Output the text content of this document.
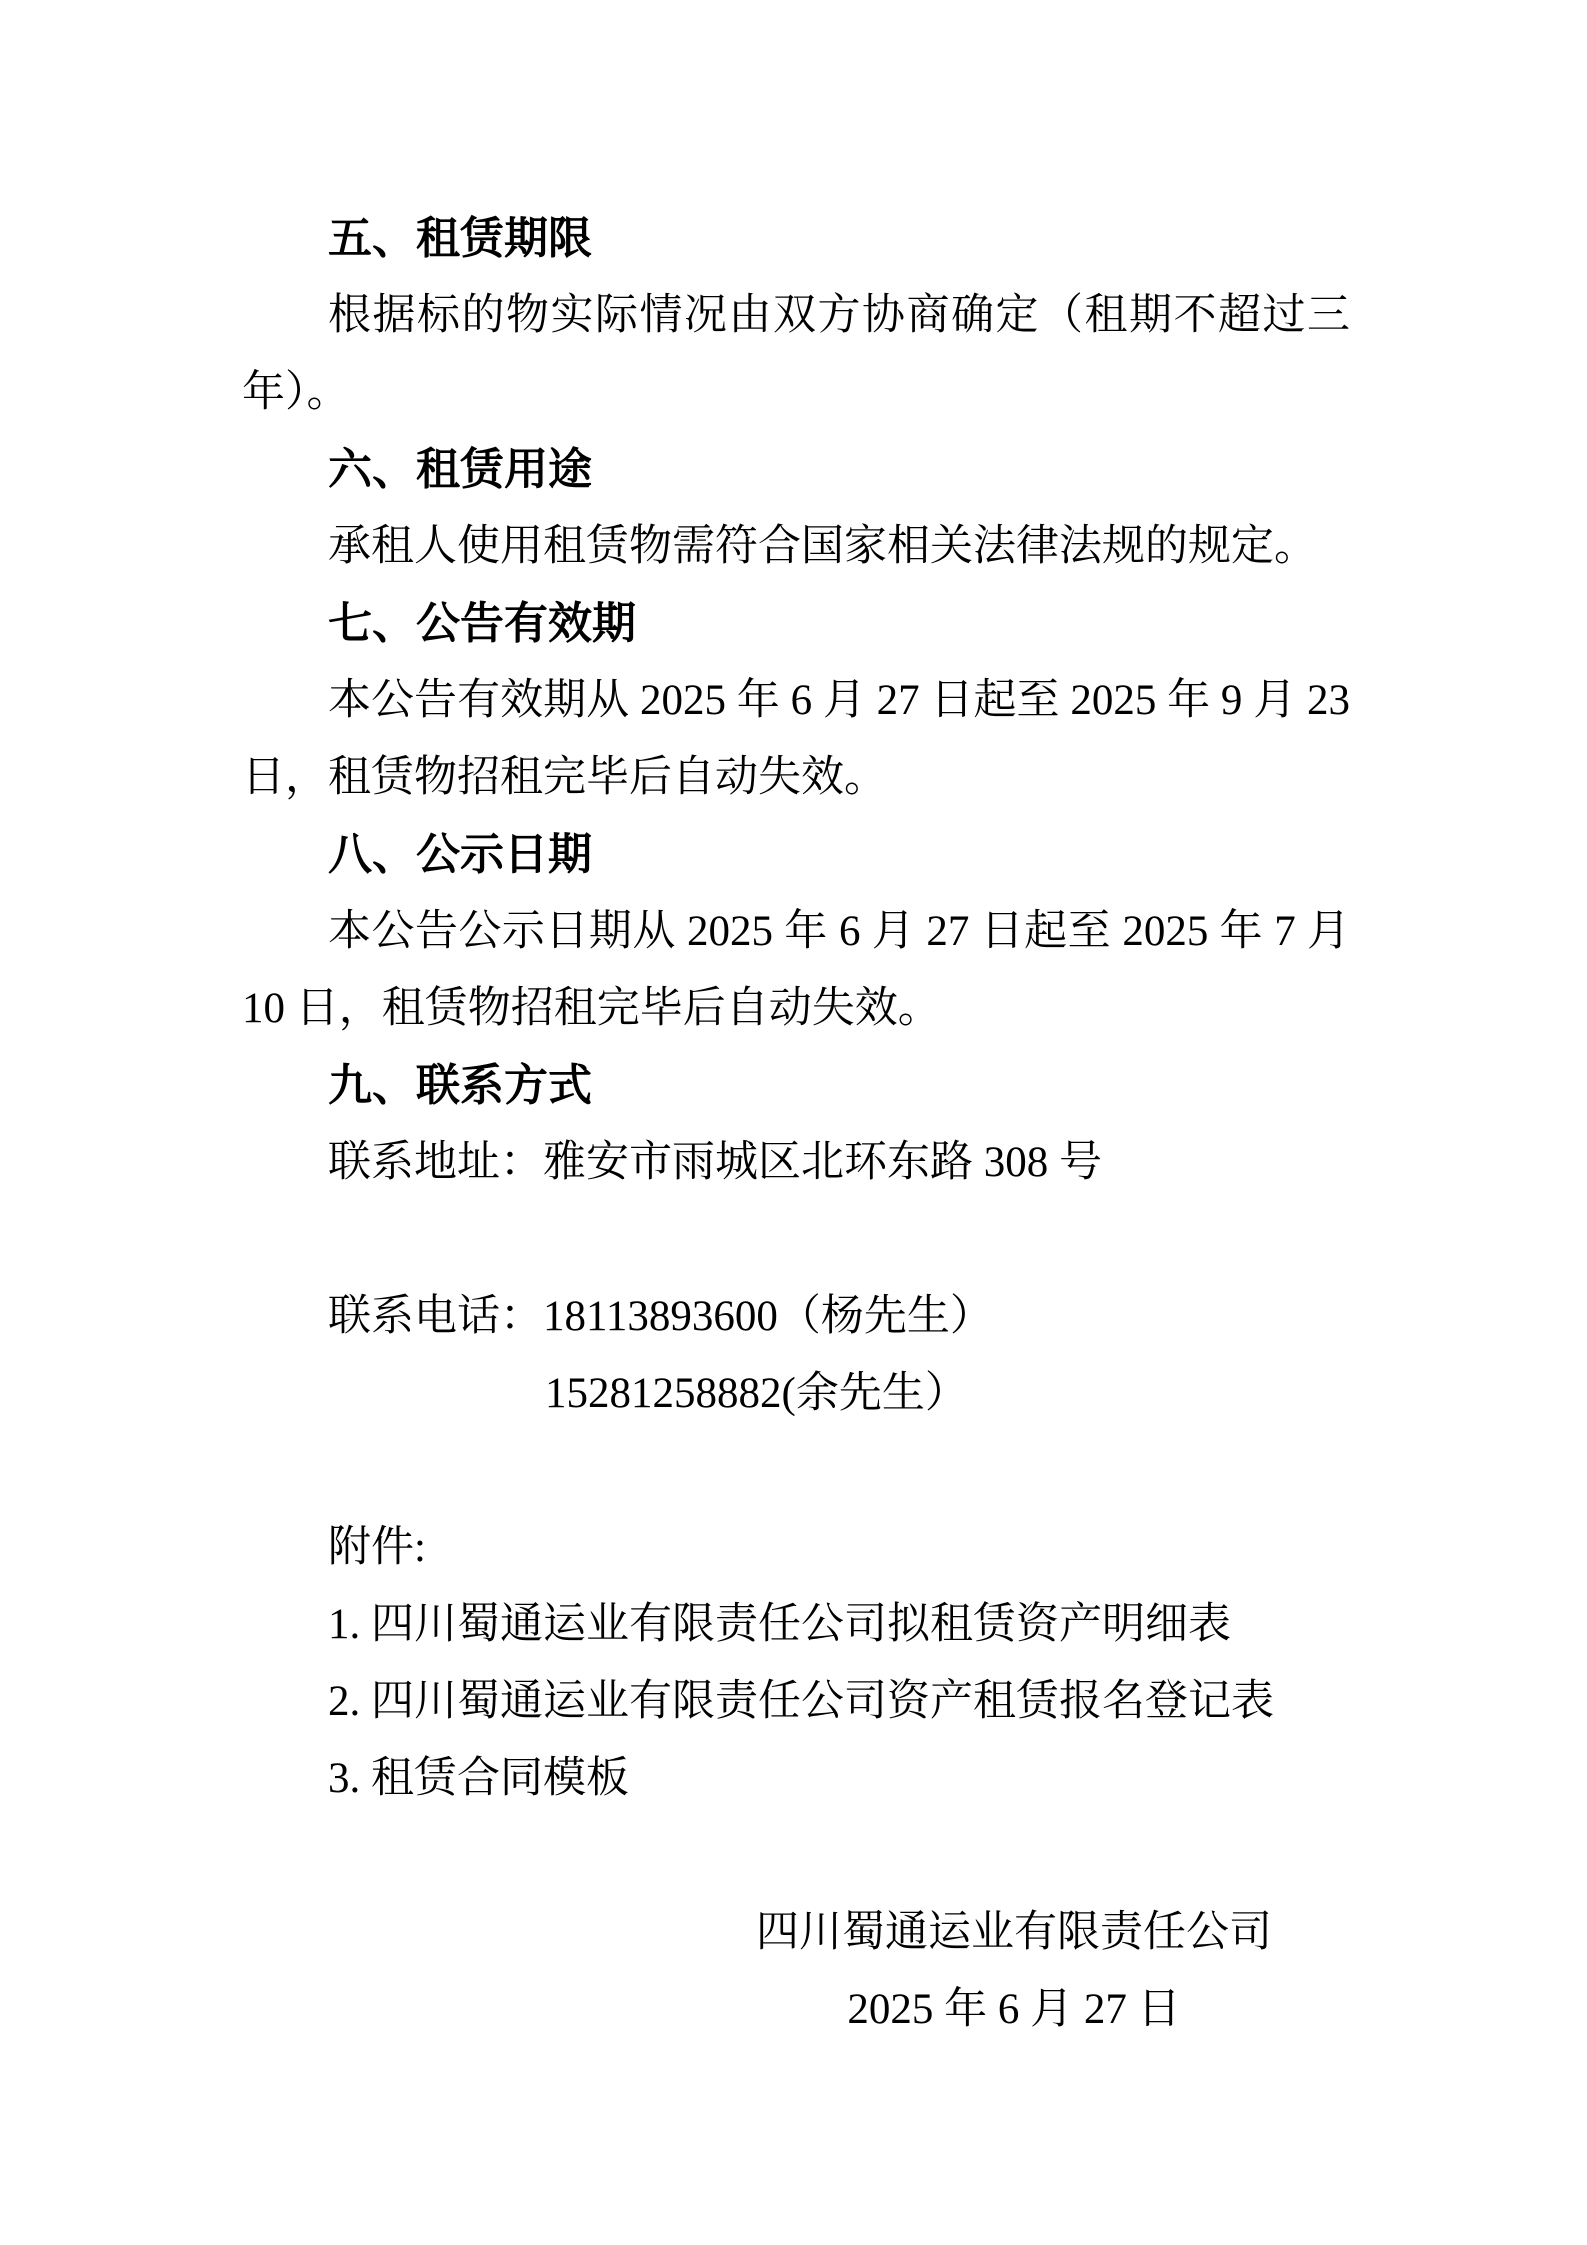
五、租赁期限
根据标的物实际情况由双方协商确定（租期不超过三
年）。
六、租赁用途
承租人使用租赁物需符合国家相关法律法规的规定。
七、公告有效期
本公告有效期从 2025 年 6 月 27 日起至 2025 年 9 月 23
日，租赁物招租完毕后自动失效。
八、公示日期
本公告公示日期从 2025 年 6 月 27 日起至 2025 年 7 月
10 日，租赁物招租完毕后自动失效。
九、联系方式
联系地址：雅安市雨城区北环东路 308 号
联系电话：18113893600（杨先生）
15281258882(余先生）
附件:
1. 四川蜀通运业有限责任公司拟租赁资产明细表
2. 四川蜀通运业有限责任公司资产租赁报名登记表
3. 租赁合同模板
四川蜀通运业有限责任公司
2025 年 6 月 27 日
